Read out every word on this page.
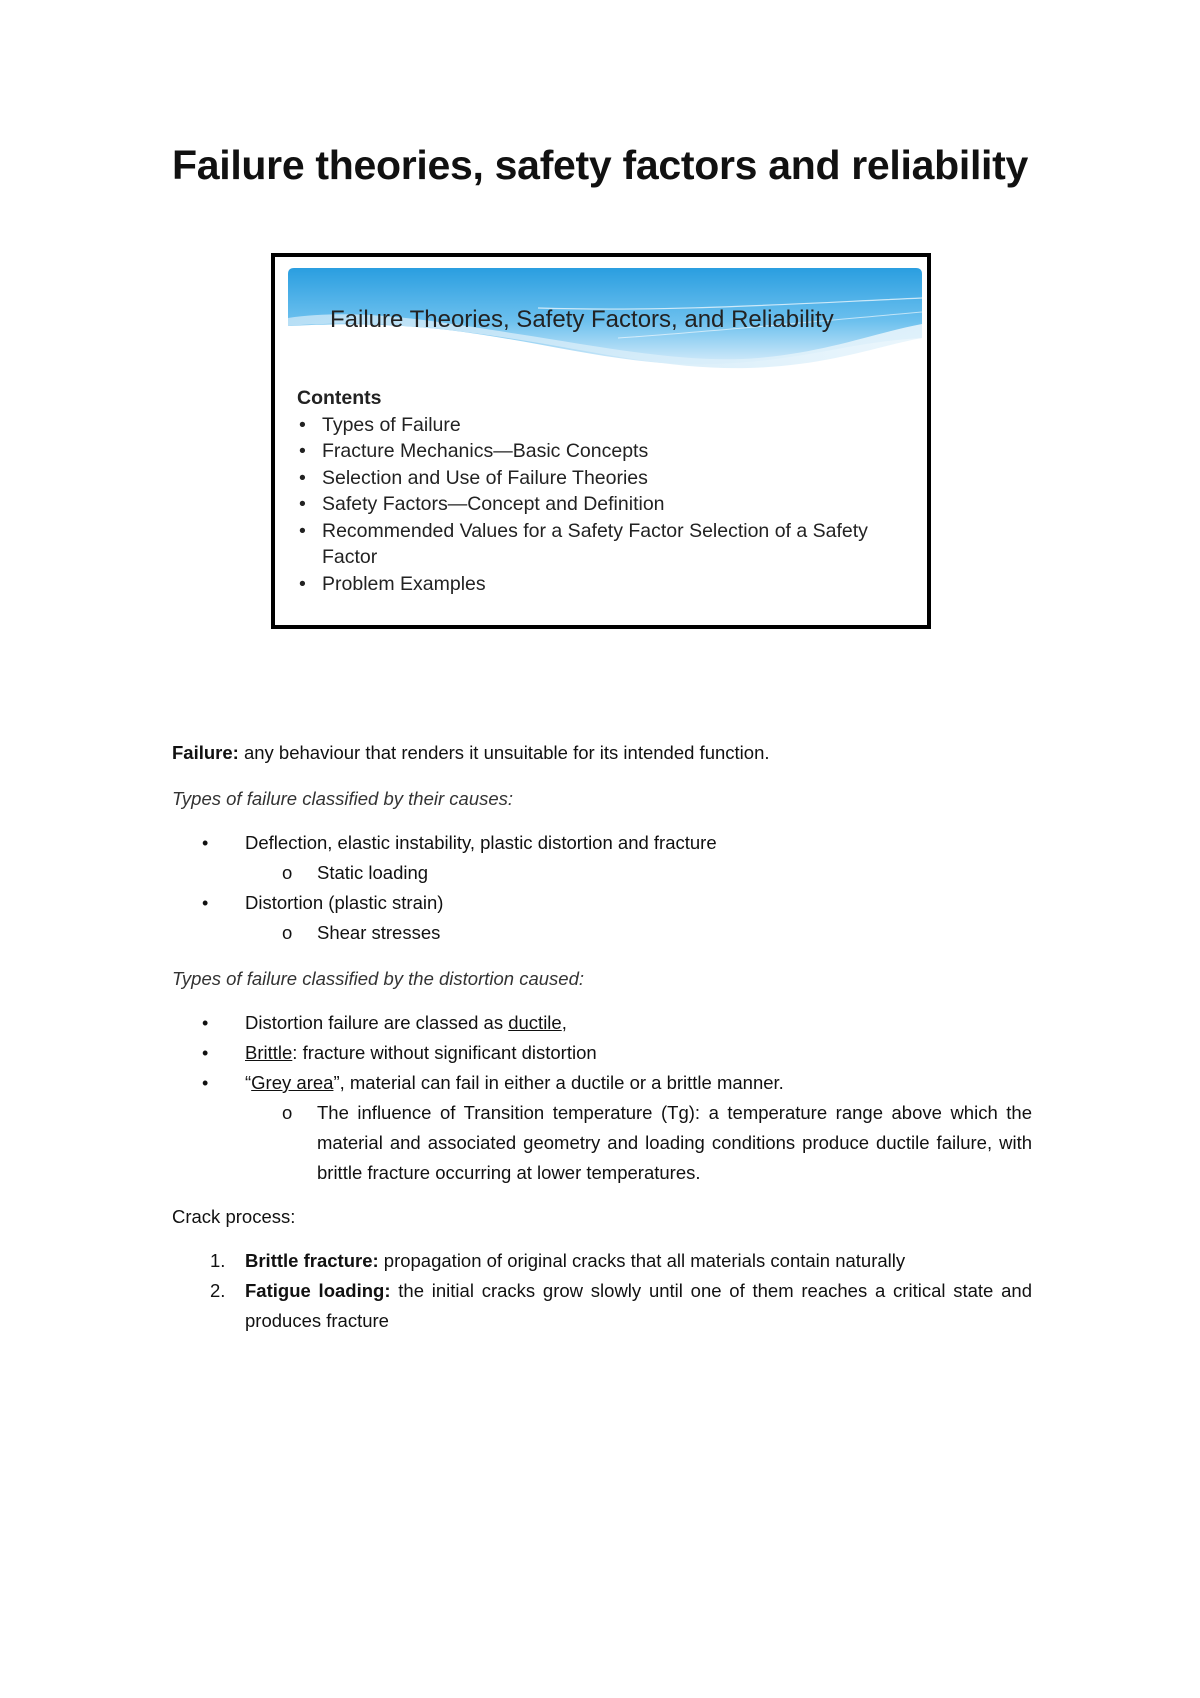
Failure theories, safety factors and reliability
Failure Theories, Safety Factors, and Reliability
Contents
• Types of Failure
• Fracture Mechanics—Basic Concepts
• Selection and Use of Failure Theories
• Safety Factors—Concept and Definition
• Recommended Values for a Safety Factor Selection of a Safety Factor
• Problem Examples

Failure: any behaviour that renders it unsuitable for its intended function.

Types of failure classified by their causes:

• Deflection, elastic instability, plastic distortion and fracture
o Static loading
• Distortion (plastic strain)
o Shear stresses

Types of failure classified by the distortion caused:

• Distortion failure are classed as ductile,
• Brittle: fracture without significant distortion
• “Grey area”, material can fail in either a ductile or a brittle manner.
o The influence of Transition temperature (Tg): a temperature range above which the material and associated geometry and loading conditions produce ductile failure, with brittle fracture occurring at lower temperatures.

Crack process:

1. Brittle fracture: propagation of original cracks that all materials contain naturally
2. Fatigue loading: the initial cracks grow slowly until one of them reaches a critical state and produces fracture
